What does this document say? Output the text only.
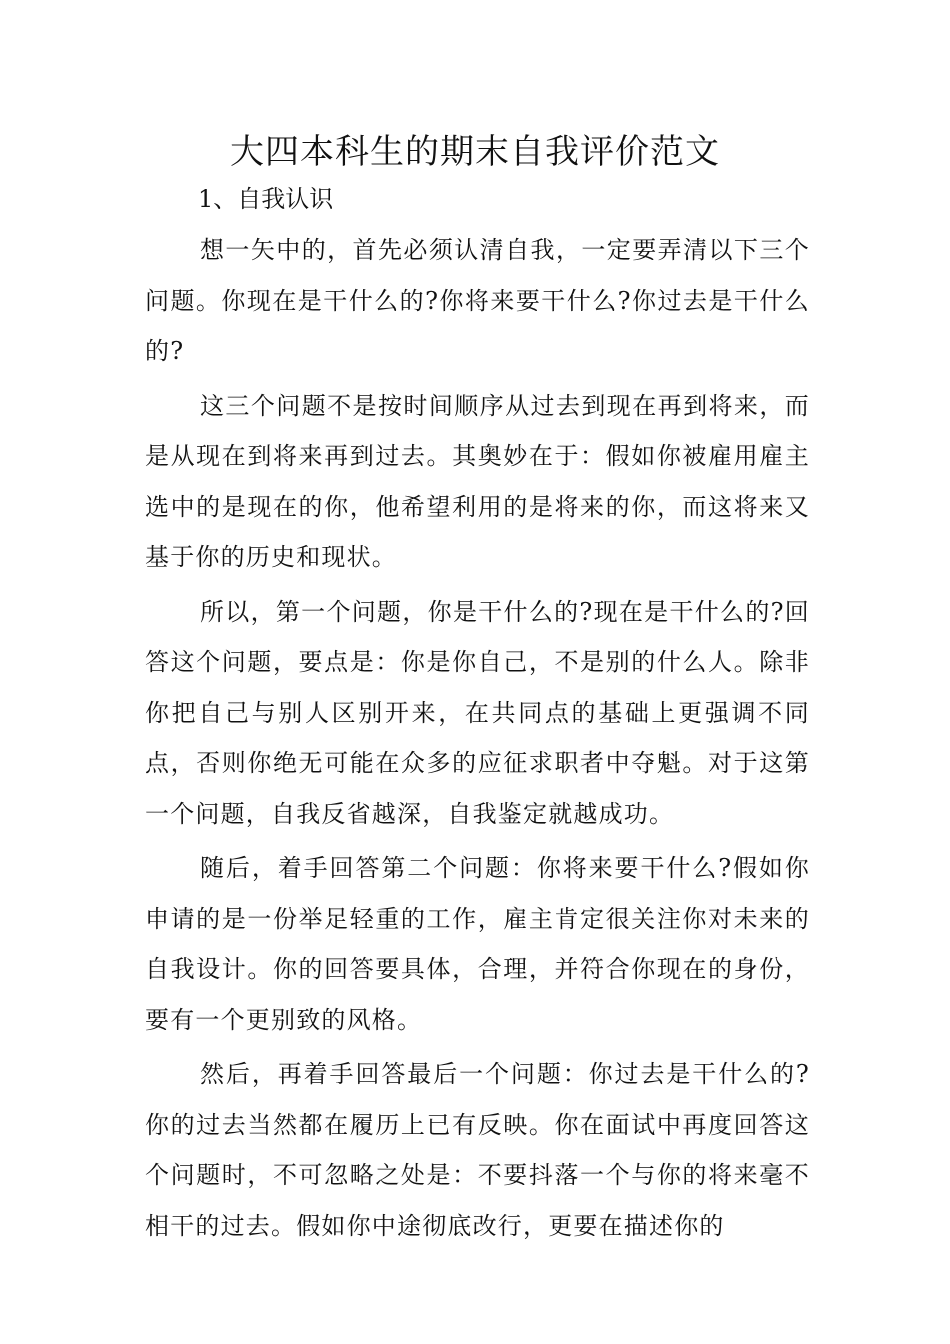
大四本科生的期末自我评价范文

1、自我认识

想一矢中的，首先必须认清自我，一定要弄清以下三个问题。你现在是干什么的?你将来要干什么?你过去是干什么的?

这三个问题不是按时间顺序从过去到现在再到将来，而是从现在到将来再到过去。其奥妙在于：假如你被雇用雇主选中的是现在的你，他希望利用的是将来的你，而这将来又基于你的历史和现状。

所以，第一个问题，你是干什么的?现在是干什么的?回答这个问题，要点是：你是你自己，不是别的什么人。除非你把自己与别人区别开来，在共同点的基础上更强调不同点，否则你绝无可能在众多的应征求职者中夺魁。对于这第一个问题，自我反省越深，自我鉴定就越成功。

随后，着手回答第二个问题：你将来要干什么?假如你申请的是一份举足轻重的工作，雇主肯定很关注你对未来的自我设计。你的回答要具体，合理，并符合你现在的身份，要有一个更别致的风格。

然后，再着手回答最后一个问题：你过去是干什么的?你的过去当然都在履历上已有反映。你在面试中再度回答这个问题时，不可忽略之处是：不要抖落一个与你的将来毫不相干的过去。假如你中途彻底改行，更要在描述你的
